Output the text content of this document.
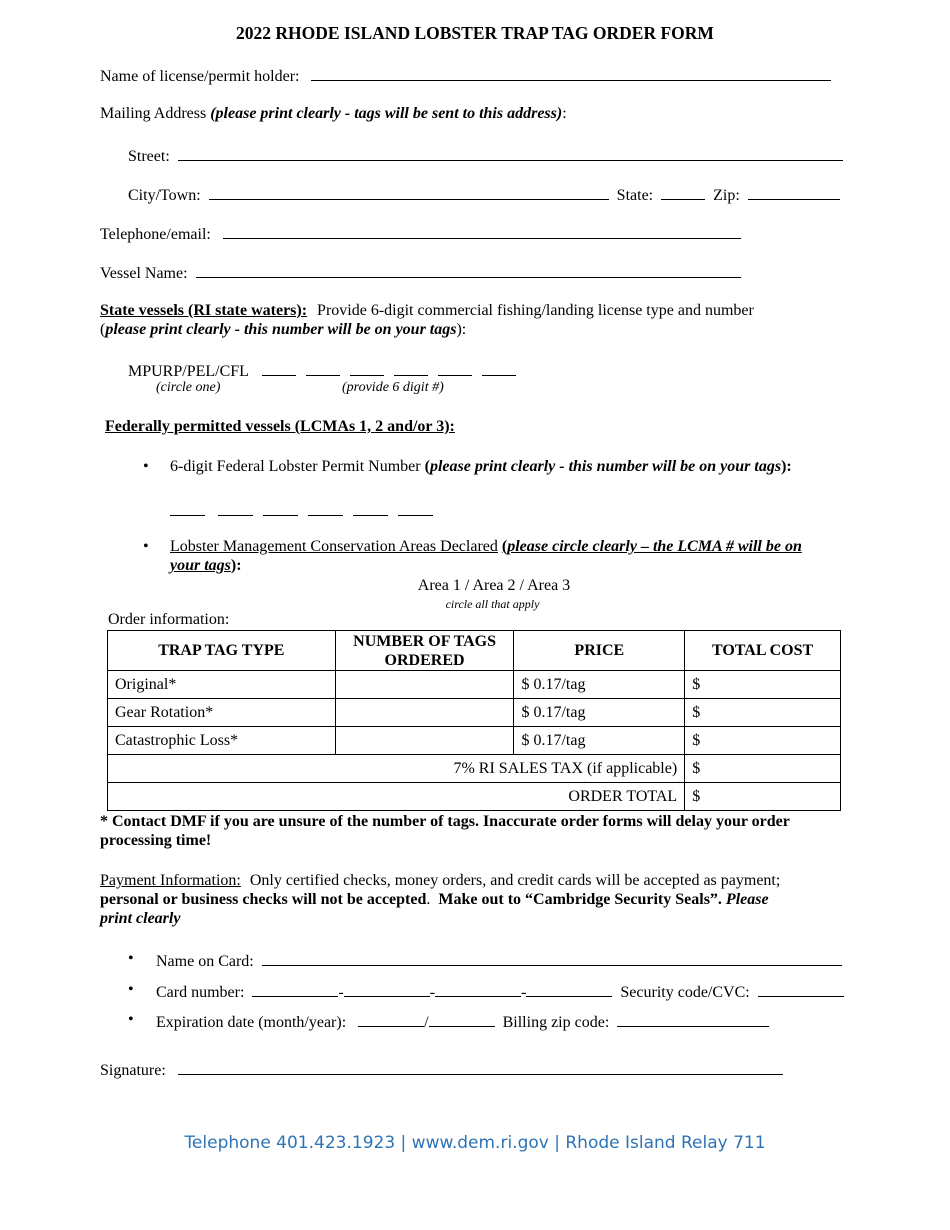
2022 RHODE ISLAND LOBSTER TRAP TAG ORDER FORM
Name of license/permit holder:
Mailing Address (please print clearly - tags will be sent to this address):
Street:
City/Town:	State:	Zip:
Telephone/email:
Vessel Name:
State vessels (RI state waters): Provide 6-digit commercial fishing/landing license type and number
(please print clearly - this number will be on your tags):
MPURP/PEL/CFL
(circle one)	(provide 6 digit #)
Federally permitted vessels (LCMAs 1, 2 and/or 3):
• 6-digit Federal Lobster Permit Number (please print clearly - this number will be on your tags):

• Lobster Management Conservation Areas Declared (please circle clearly – the LCMA # will be on
your tags):
Area 1 / Area 2 / Area 3
circle all that apply
Order information:
TRAP TAG TYPE	NUMBER OF TAGS ORDERED	PRICE	TOTAL COST
Original*		$ 0.17/tag	$
Gear Rotation*		$ 0.17/tag	$
Catastrophic Loss*		$ 0.17/tag	$
7% RI SALES TAX (if applicable)			$
ORDER TOTAL			$
* Contact DMF if you are unsure of the number of tags. Inaccurate order forms will delay your order
processing time!
Payment Information: Only certified checks, money orders, and credit cards will be accepted as payment;
personal or business checks will not be accepted.  Make out to “Cambridge Security Seals”. Please
print clearly
• Name on Card:
• Card number:	-	-	-	Security code/CVC:
• Expiration date (month/year):	/	Billing zip code:
Signature:
Telephone 401.423.1923 | www.dem.ri.gov | Rhode Island Relay 711
